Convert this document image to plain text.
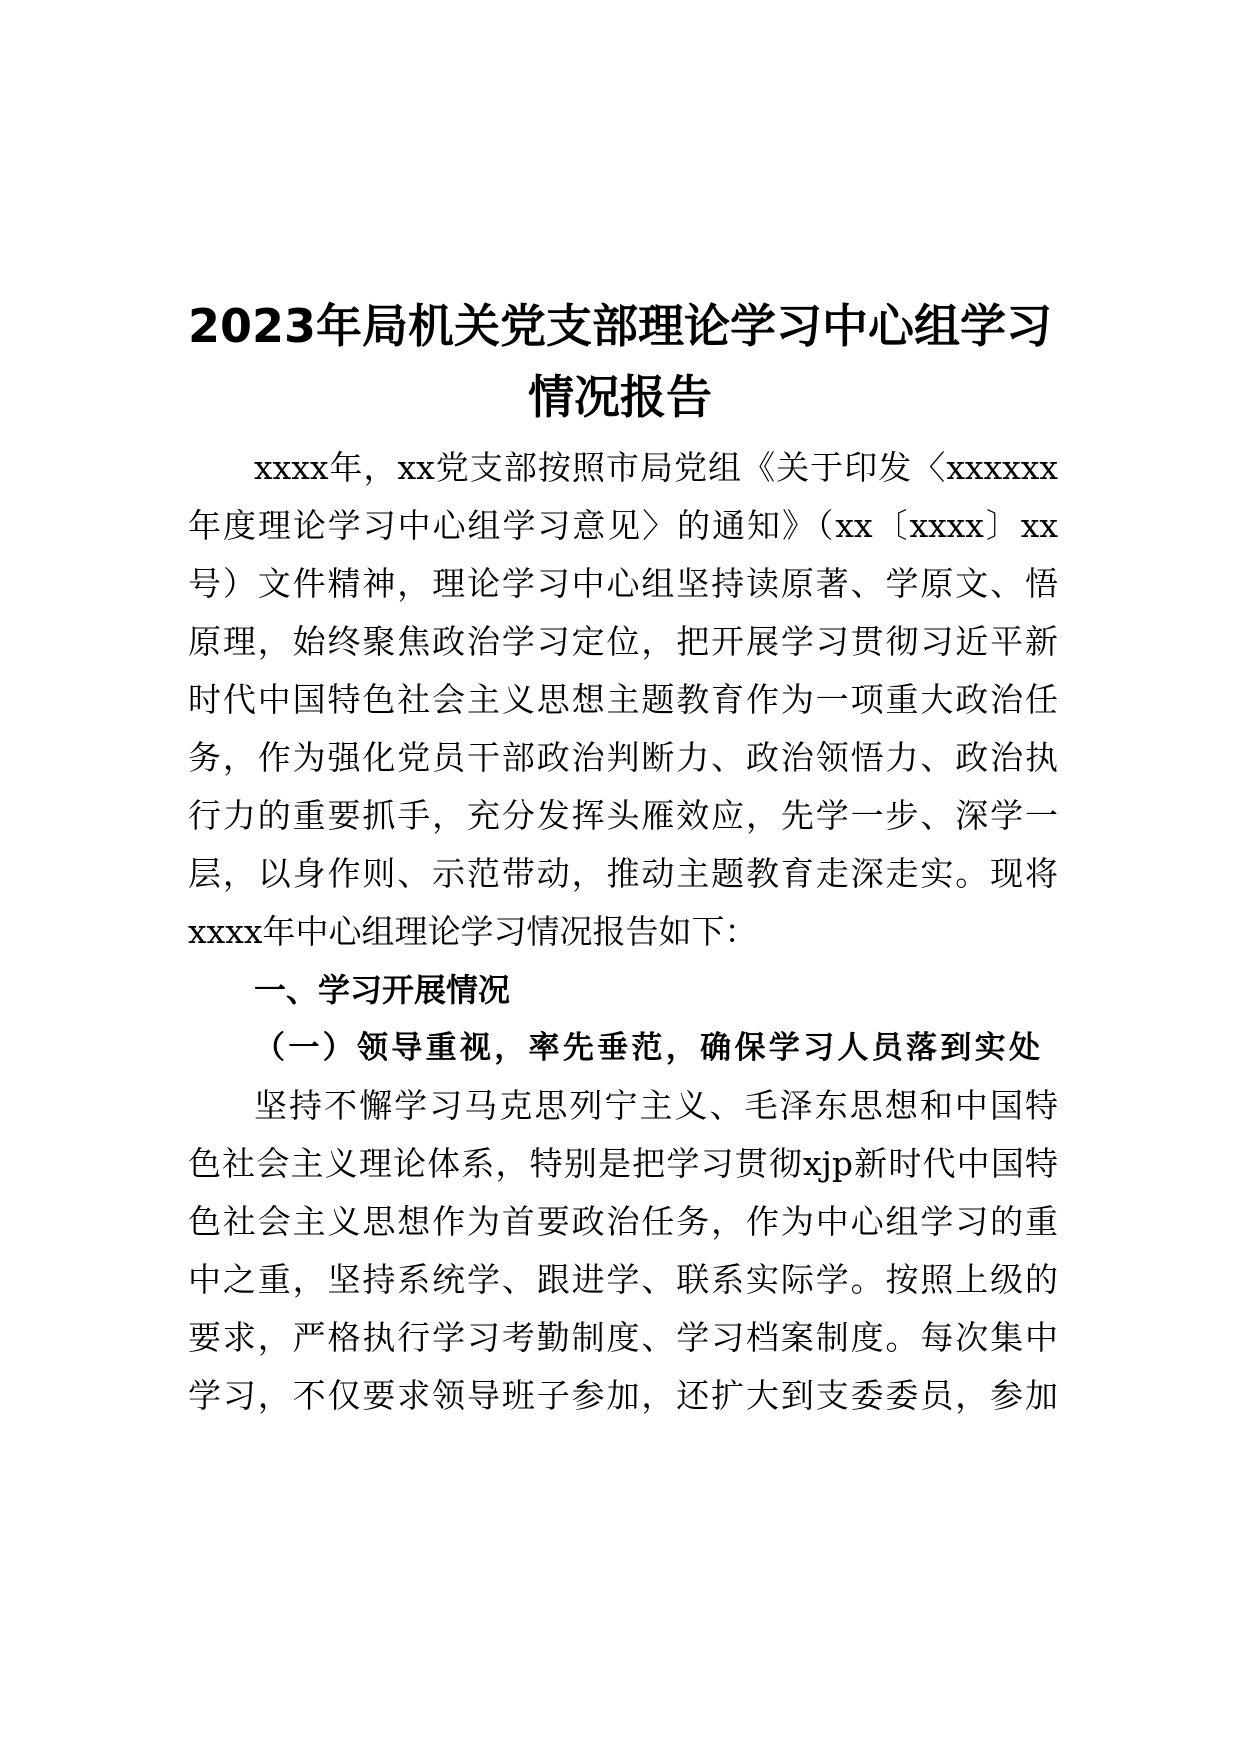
2023年局机关党支部理论学习中心组学习
情况报告
xxxx年，xx党支部按照市局党组《关于印发〈xxxxxx
年度理论学习中心组学习意见〉的通知》（xx〔xxxx〕xx
号）文件精神，理论学习中心组坚持读原著、学原文、悟
原理，始终聚焦政治学习定位，把开展学习贯彻习近平新
时代中国特色社会主义思想主题教育作为一项重大政治任
务，作为强化党员干部政治判断力、政治领悟力、政治执
行力的重要抓手，充分发挥头雁效应，先学一步、深学一
层，以身作则、示范带动，推动主题教育走深走实。现将
xxxx年中心组理论学习情况报告如下：
一、学习开展情况
（一）领导重视，率先垂范，确保学习人员落到实处
坚持不懈学习马克思列宁主义、毛泽东思想和中国特
色社会主义理论体系，特别是把学习贯彻xjp新时代中国特
色社会主义思想作为首要政治任务，作为中心组学习的重
中之重，坚持系统学、跟进学、联系实际学。按照上级的
要求，严格执行学习考勤制度、学习档案制度。每次集中
学习，不仅要求领导班子参加，还扩大到支委委员，参加
